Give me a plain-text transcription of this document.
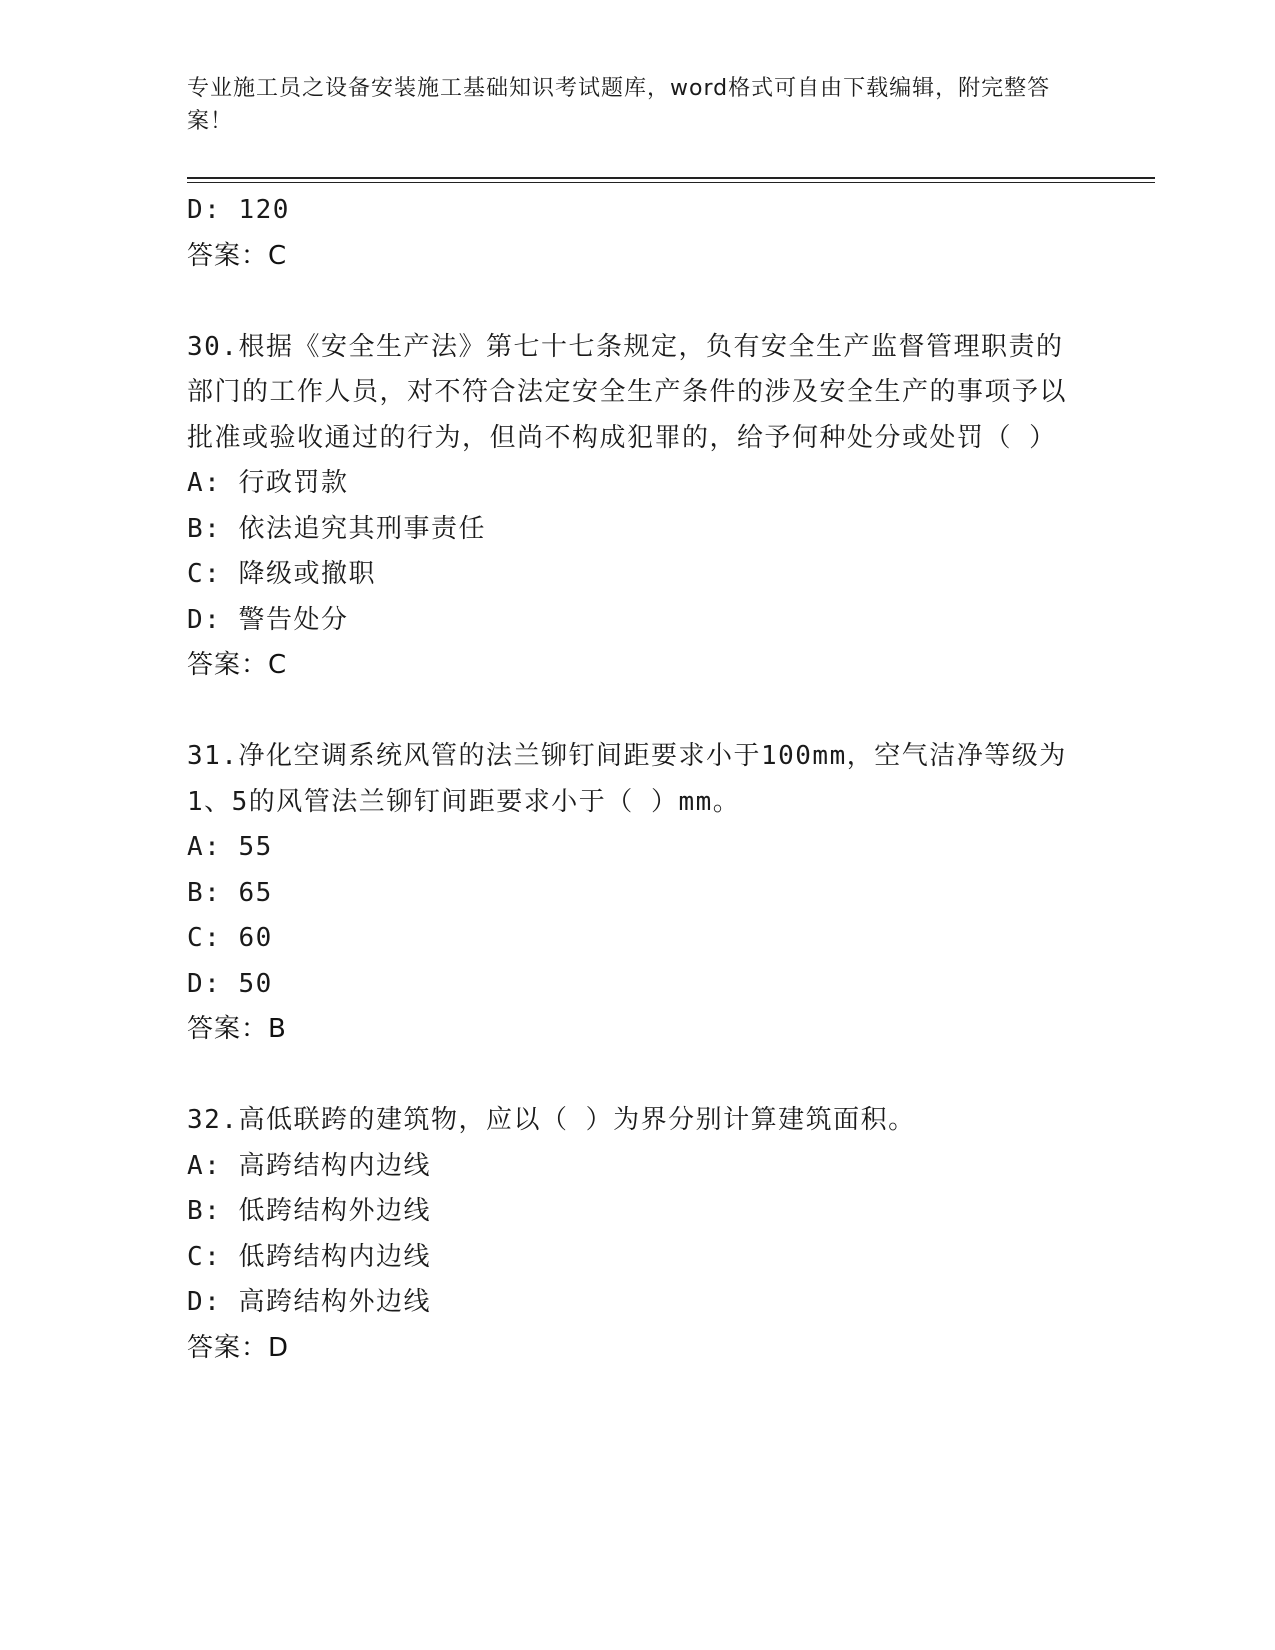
专业施工员之设备安装施工基础知识考试题库，word格式可自由下载编辑，附完整答案！
D: 120
答案：C
30.根据《安全生产法》第七十七条规定，负有安全生产监督管理职责的部门的工作人员，对不符合法定安全生产条件的涉及安全生产的事项予以批准或验收通过的行为，但尚不构成犯罪的，给予何种处分或处罚（ ）
A: 行政罚款
B: 依法追究其刑事责任
C: 降级或撤职
D: 警告处分
答案：C
31.净化空调系统风管的法兰铆钉间距要求小于100mm，空气洁净等级为1、5的风管法兰铆钉间距要求小于（ ）mm。
A: 55
B: 65
C: 60
D: 50
答案：B
32.高低联跨的建筑物，应以（ ）为界分别计算建筑面积。
A: 高跨结构内边线
B: 低跨结构外边线
C: 低跨结构内边线
D: 高跨结构外边线
答案：D
